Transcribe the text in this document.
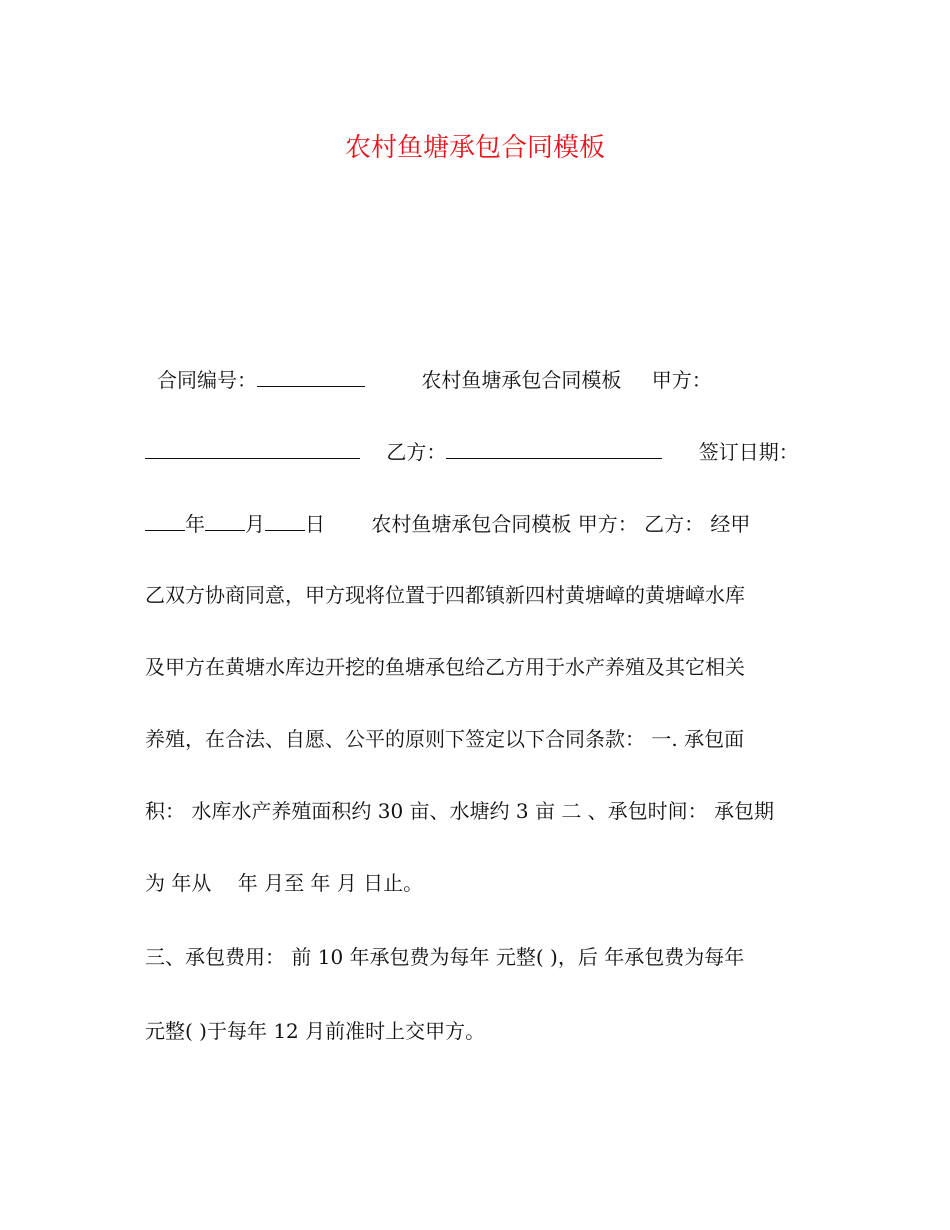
农村鱼塘承包合同模板

合同编号：	农村鱼塘承包合同模板 甲方：

乙方：	签订日期：

年 月 日 农村鱼塘承包合同模板 甲方： 乙方： 经甲

乙双方协商同意，甲方现将位置于四都镇新四村黄塘嶂的黄塘嶂水库

及甲方在黄塘水库边开挖的鱼塘承包给乙方用于水产养殖及其它相关

养殖，在合法、自愿、公平的原则下签定以下合同条款： 一. 承包面

积： 水库水产养殖面积约 30 亩、水塘约 3 亩 二 、承包时间： 承包期

为 年从　 年 月至 年 月 日止。

三、承包费用： 前 10 年承包费为每年 元整( )，后 年承包费为每年

元整( )于每年 12 月前准时上交甲方。
